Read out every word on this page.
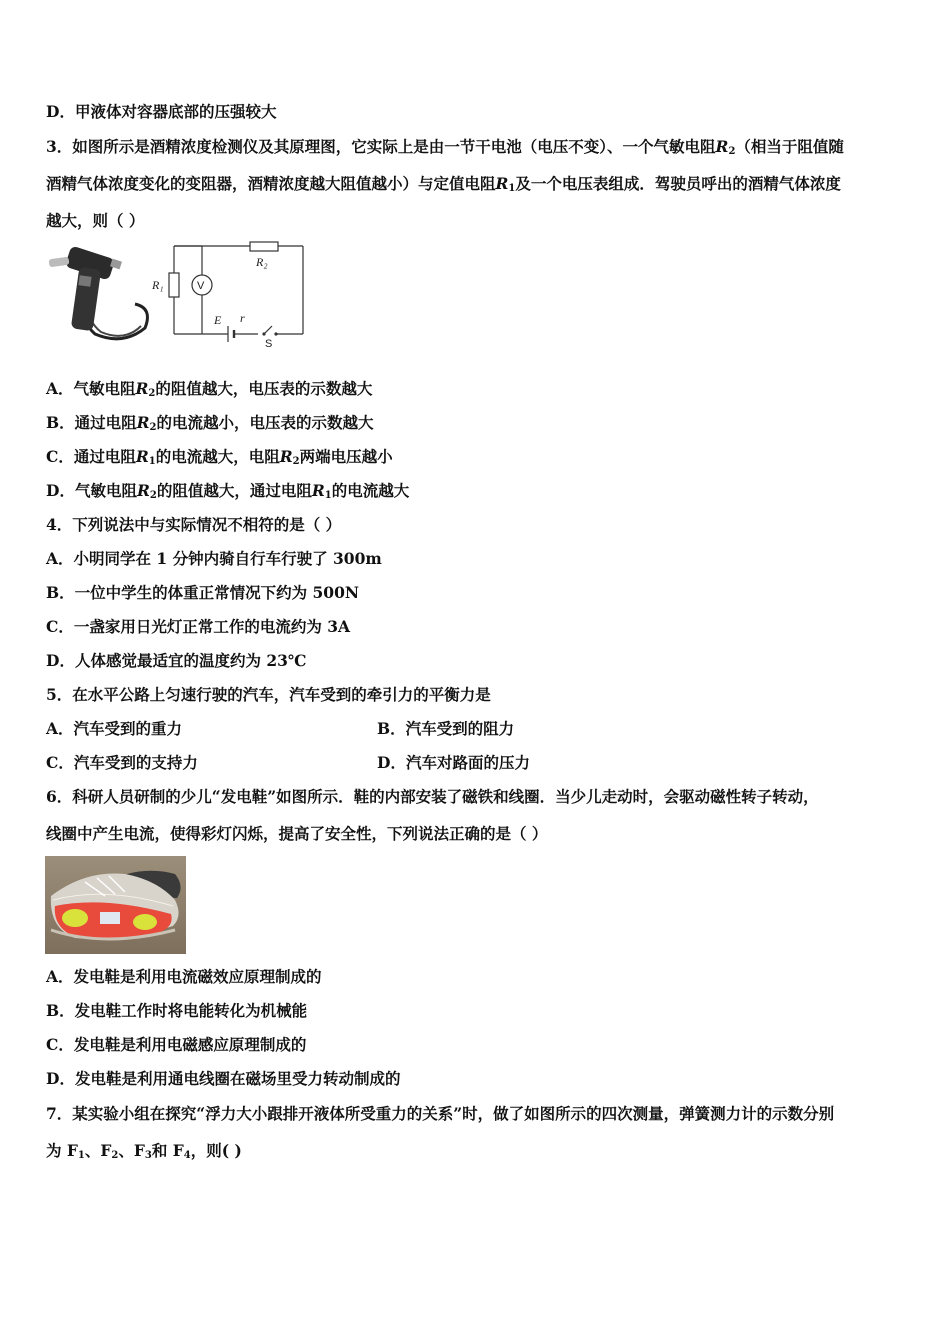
D．甲液体对容器底部的压强较大
3．如图所示是酒精浓度检测仪及其原理图，它实际上是由一节干电池（电压不变）、一个气敏电阻$R_2$（相当于阻值随
酒精气体浓度变化的变阻器，酒精浓度越大阻值越小）与定值电阻$R_1$及一个电压表组成．驾驶员呼出的酒精气体浓度
越大，则（ ）
R₂
R₁
E r
V
S
A．气敏电阻$R_2$的阻值越大，电压表的示数越大
B．通过电阻$R_2$的电流越小，电压表的示数越大
C．通过电阻$R_1$的电流越大，电阻$R_2$两端电压越小
D．气敏电阻$R_2$的阻值越大，通过电阻$R_1$的电流越大
4．下列说法中与实际情况不相符的是（ ）
A．小明同学在 1 分钟内骑自行车行驶了 300m
B．一位中学生的体重正常情况下约为 500N
C．一盏家用日光灯正常工作的电流约为 3A
D．人体感觉最适宜的温度约为 23℃
5．在水平公路上匀速行驶的汽车，汽车受到的牵引力的平衡力是
A．汽车受到的重力	B．汽车受到的阻力
C．汽车受到的支持力	D．汽车对路面的压力
6．科研人员研制的少儿“发电鞋”如图所示．鞋的内部安装了磁铁和线圈．当少儿走动时，会驱动磁性转子转动，
线圈中产生电流，使得彩灯闪烁，提高了安全性，下列说法正确的是（ ）
A．发电鞋是利用电流磁效应原理制成的
B．发电鞋工作时将电能转化为机械能
C．发电鞋是利用电磁感应原理制成的
D．发电鞋是利用通电线圈在磁场里受力转动制成的
7．某实验小组在探究“浮力大小跟排开液体所受重力的关系”时，做了如图所示的四次测量，弹簧测力计的示数分别
为 $F_1$、$F_2$、$F_3$和 $F_4$，则( )
